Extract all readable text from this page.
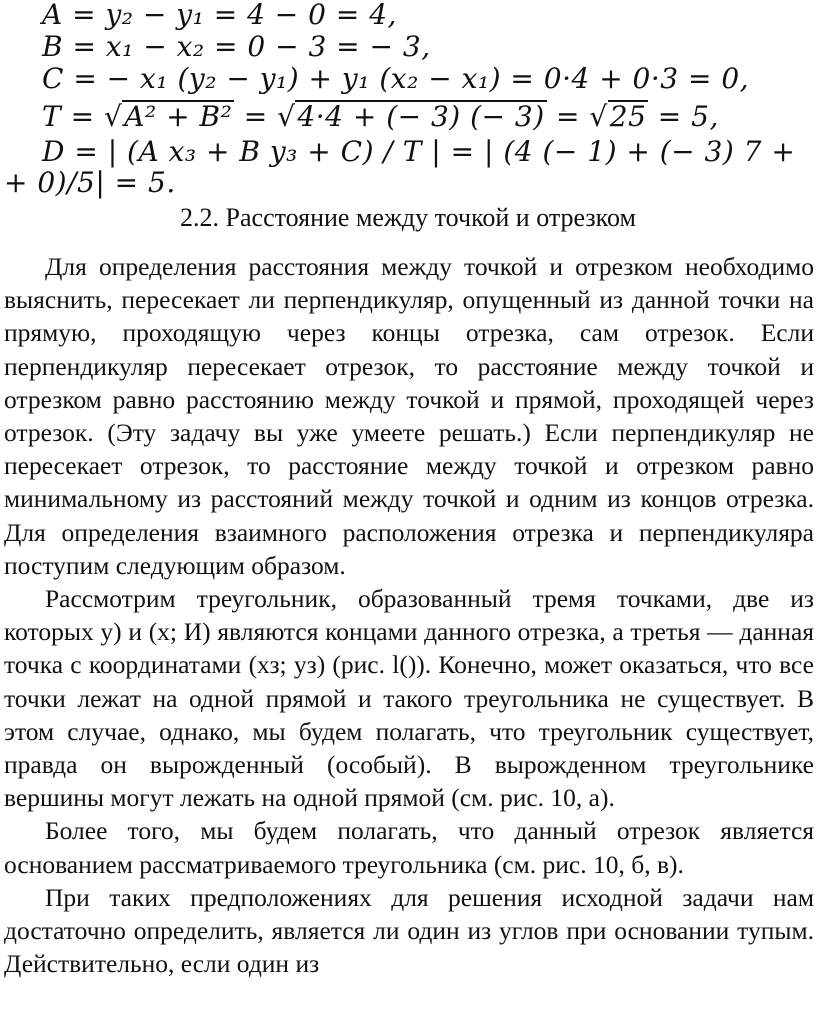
A = y₂ − y₁ = 4 − 0 = 4,
B = x₁ − x₂ = 0 − 3 = − 3,
C = − x₁ (y₂ − y₁) + y₁ (x₂ − x₁) = 0·4 + 0·3 = 0,
T = √A² + B² = √4·4 + (− 3) (− 3) = √25 = 5,
D = | (A x₃ + B y₃ + C) / T | = | (4 (− 1) + (− 3) 7 +
+ 0)/5| = 5.
2.2. Расстояние между точкой и отрезком

Для определения расстояния между точкой и отрезком необходимо выяснить, пересекает ли перпендикуляр, опущенный из данной точки на прямую, проходящую через концы отрезка, сам отрезок. Если перпендикуляр пересекает отрезок, то расстояние между точкой и отрезком равно расстоянию между точкой и прямой, проходящей через отрезок. (Эту задачу вы уже умеете решать.) Если перпендикуляр не пересекает отрезок, то расстояние между точкой и отрезком равно минимальному из расстояний между точкой и одним из концов отрезка. Для определения взаимного расположения отрезка и перпендикуляра поступим следующим образом.

Рассмотрим треугольник, образованный тремя точками, две из которых у) и (х; И) являются концами данного отрезка, а третья — данная точка с координатами (хз; уз) (рис. l()). Конечно, может оказаться, что все точки лежат на одной прямой и такого треугольника не существует. В этом случае, однако, мы будем полагать, что треугольник существует, правда он вырожденный (особый). В вырожденном треугольнике вершины могут лежать на одной прямой (см. рис. 10, а).

Более того, мы будем полагать, что данный отрезок является основанием рассматриваемого треугольника (см. рис. 10, б, в).

При таких предположениях для решения исходной задачи нам достаточно определить, является ли один из углов при основании тупым. Действительно, если один из
